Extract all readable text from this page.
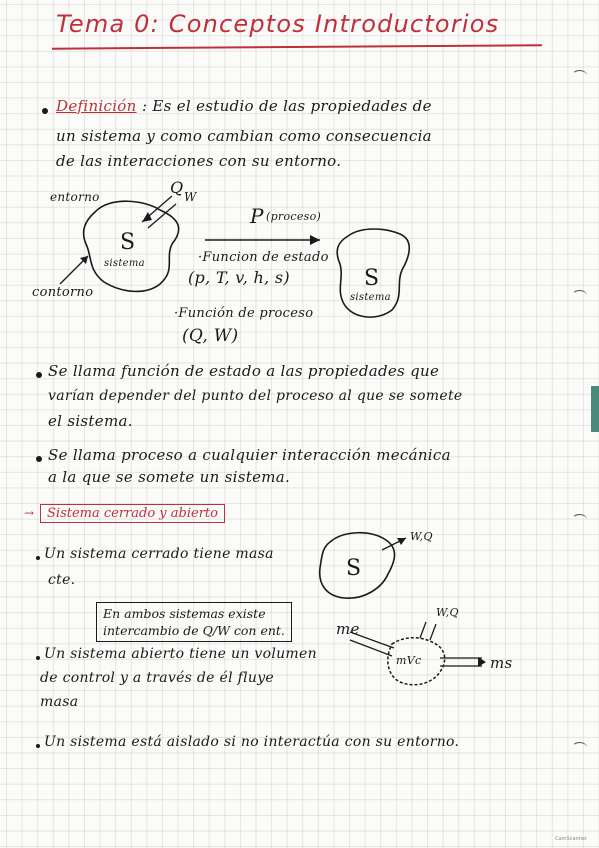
Tema 0: Conceptos Introductorios
Definición : Es el estudio de las propiedades de
un sistema y como cambian como consecuencia
de las interacciones con su entorno.
entorno	Q W
S
sistema
contorno
P (proceso)
·Funcion de estado
(p, T, v, h, s)
·Función de proceso
(Q, W)
S
sistema
Se llama función de estado a las propiedades que
varían depender del punto del proceso al que se somete
el sistema.
Se llama proceso a cualquier interacción mecánica
a la que se somete un sistema.
→ Sistema cerrado y abierto
Un sistema cerrado tiene masa
cte.	S
W,Q
En ambos sistemas existe
intercambio de Q/W con ent.
Un sistema abierto tiene un volumen
de control y a través de él fluye
masa
me
W,Q
mVc	ms
Un sistema está aislado si no interactúa con su entorno.
CamScanner
